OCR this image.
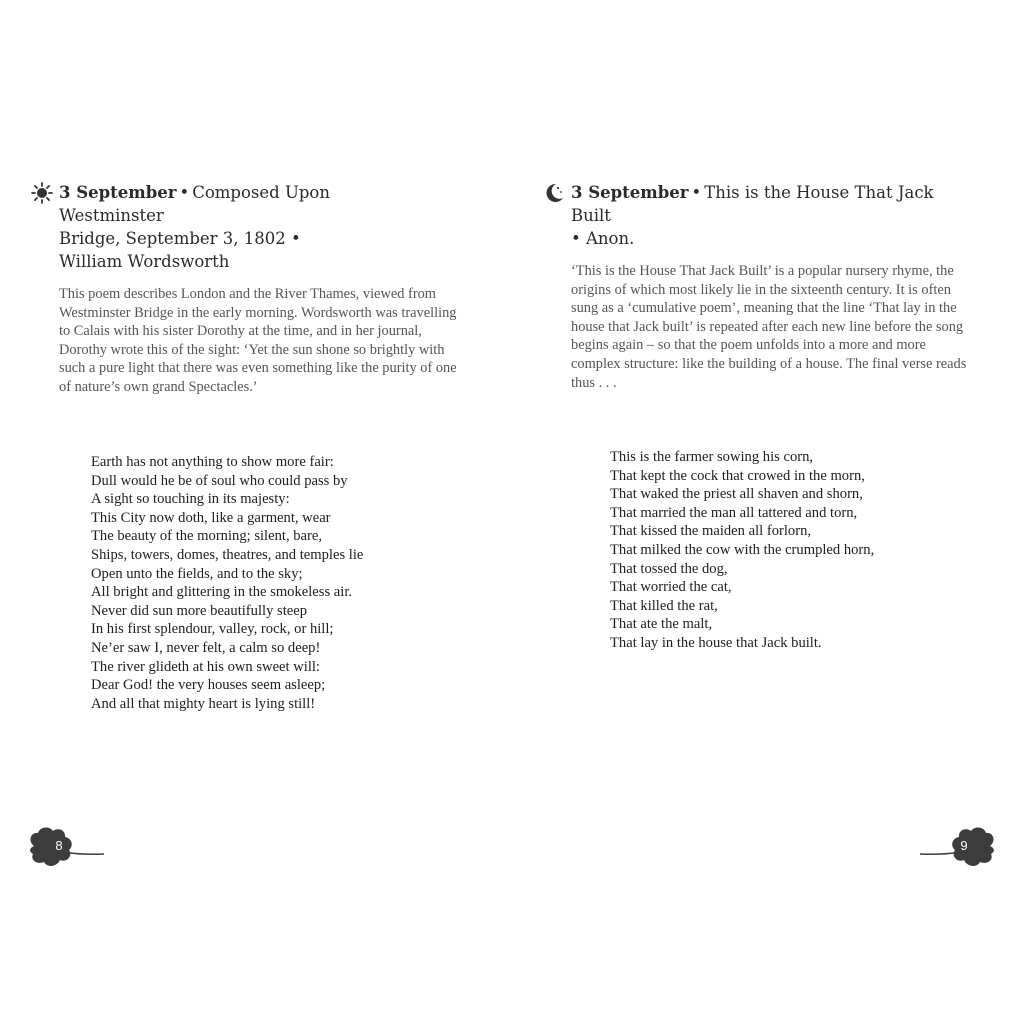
3 September • Composed Upon Westminster
Bridge, September 3, 1802 •
William Wordsworth
This poem describes London and the River Thames, viewed from Westminster Bridge in the early morning. Wordsworth was travelling to Calais with his sister Dorothy at the time, and in her journal, Dorothy wrote this of the sight: ‘Yet the sun shone so brightly with such a pure light that there was even something like the purity of one of nature’s own grand Spectacles.’
Earth has not anything to show more fair:
Dull would he be of soul who could pass by
A sight so touching in its majesty:
This City now doth, like a garment, wear
The beauty of the morning; silent, bare,
Ships, towers, domes, theatres, and temples lie
Open unto the fields, and to the sky;
All bright and glittering in the smokeless air.
Never did sun more beautifully steep
In his first splendour, valley, rock, or hill;
Ne’er saw I, never felt, a calm so deep!
The river glideth at his own sweet will:
Dear God! the very houses seem asleep;
And all that mighty heart is lying still!
8
3 September • This is the House That Jack Built
• Anon.
‘This is the House That Jack Built’ is a popular nursery rhyme, the origins of which most likely lie in the sixteenth century. It is often sung as a ‘cumulative poem’, meaning that the line ‘That lay in the house that Jack built’ is repeated after each new line before the song begins again – so that the poem unfolds into a more and more complex structure: like the building of a house. The final verse reads thus . . .
This is the farmer sowing his corn,
That kept the cock that crowed in the morn,
That waked the priest all shaven and shorn,
That married the man all tattered and torn,
That kissed the maiden all forlorn,
That milked the cow with the crumpled horn,
That tossed the dog,
That worried the cat,
That killed the rat,
That ate the malt,
That lay in the house that Jack built.
9
